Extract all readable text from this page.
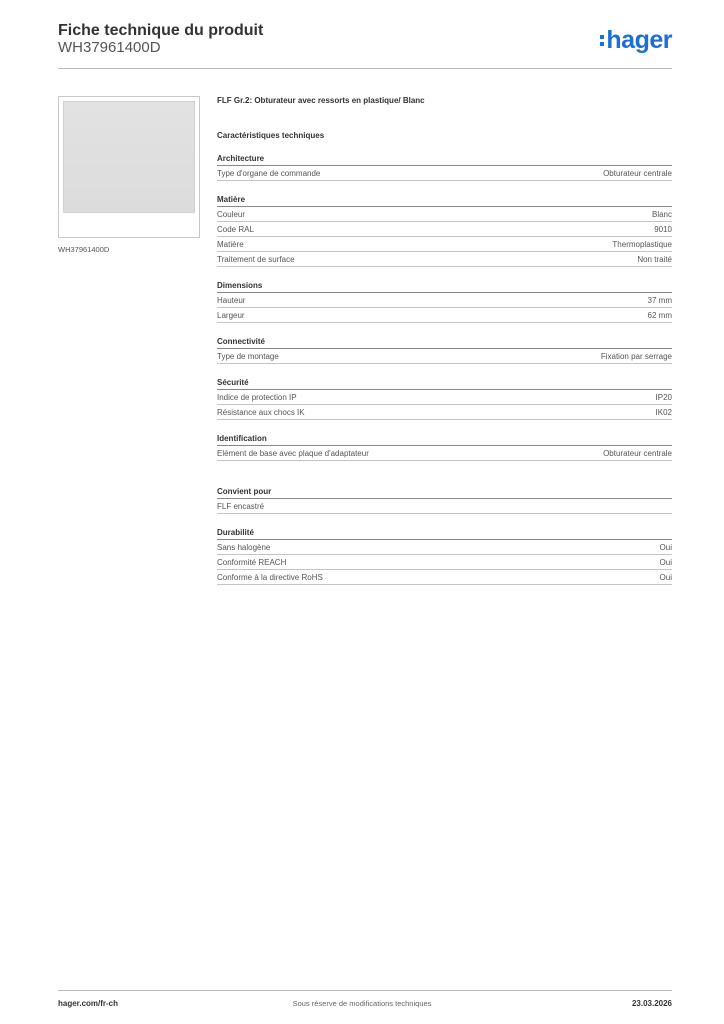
Fiche technique du produit
WH37961400D	hager
WH37961400D
FLF Gr.2: Obturateur avec ressorts en plastique/ Blanc
Caractéristiques techniques
Architecture
Type d'organe de commande	Obturateur centrale
Matière
Couleur	Blanc
Code RAL	9010
Matière	Thermoplastique
Traitement de surface	Non traité
Dimensions
Hauteur	37 mm
Largeur	62 mm
Connectivité
Type de montage	Fixation par serrage
Sécurité
Indice de protection IP	IP20
Résistance aux chocs IK	IK02
Identification
Elément de base avec plaque d'adaptateur	Obturateur centrale
Convient pour
FLF encastré
Durabilité
Sans halogène	Oui
Conformité REACH	Oui
Conforme à la directive RoHS	Oui
hager.com/fr-ch	Sous réserve de modifications techniques	23.03.2026
